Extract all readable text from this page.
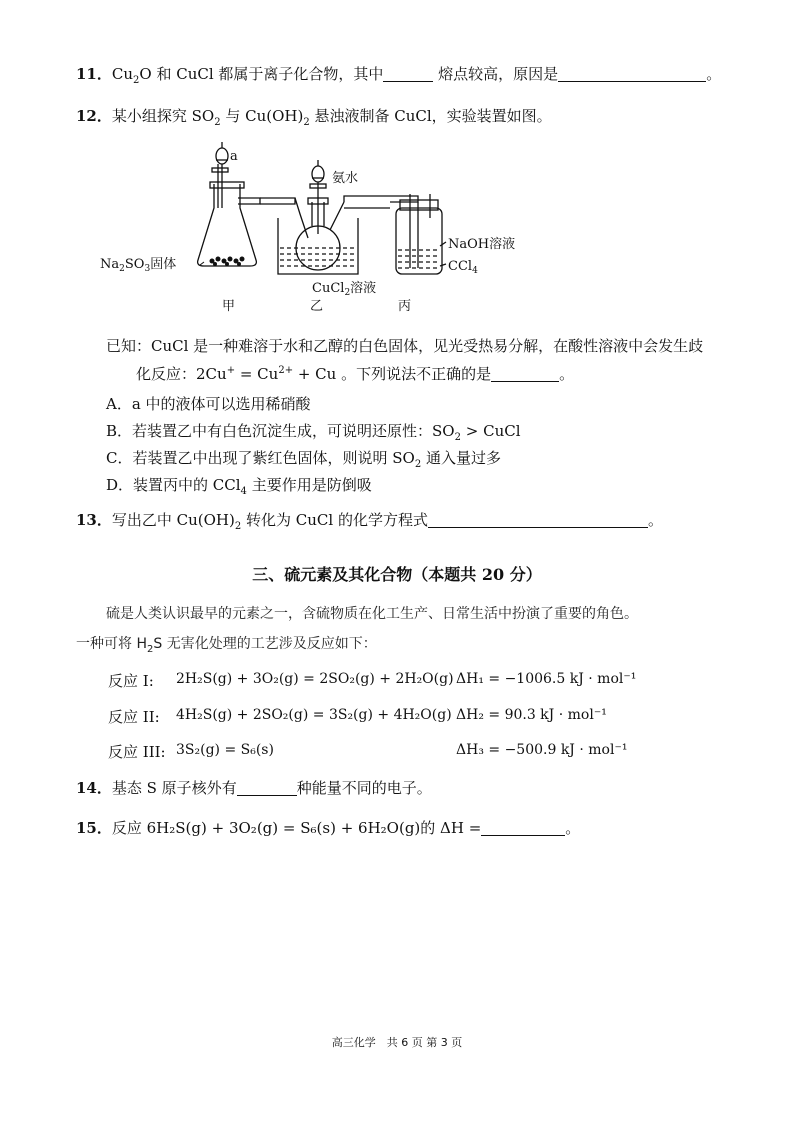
11．$Cu_2O$ 和 CuCl 都属于离子化合物，其中	熔点较高，原因是	。
12．某小组探究 $SO_2$ 与 $Cu(OH)_2$ 悬浊液制备 CuCl，实验装置如图。
a
氨水
NaOH溶液
CCl$_4$
$Na_2SO_3$固体
CuCl$_2$溶液
甲	乙	丙
已知：CuCl 是一种难溶于水和乙醇的白色固体，见光受热易分解，在酸性溶液中会发生歧
化反应：$2Cu^+ = Cu^{2+} + Cu$ 。下列说法不正确的是	。
A．a 中的液体可以选用稀硝酸
B．若装置乙中有白色沉淀生成，可说明还原性：$SO_2$ > CuCl
C．若装置乙中出现了紫红色固体，则说明 $SO_2$ 通入量过多
D．装置丙中的 CCl$_4$ 主要作用是防倒吸
13．写出乙中 $Cu(OH)_2$ 转化为 CuCl 的化学方程式	。
三、硫元素及其化合物（本题共 20 分）
硫是人类认识最早的元素之一，含硫物质在化工生产、日常生活中扮演了重要的角色。
一种可将 $H_2S$ 无害化处理的工艺涉及反应如下：
反应 I: 2H₂S(g) + 3O₂(g) = 2SO₂(g) + 2H₂O(g) ΔH₁ = −1006.5 kJ · mol⁻¹
反应 II: 4H₂S(g) + 2SO₂(g) = 3S₂(g) + 4H₂O(g) ΔH₂ = 90.3 kJ · mol⁻¹
反应 III: 3S₂(g) = S₆(s)	ΔH₃ = −500.9 kJ · mol⁻¹
14．基态 S 原子核外有	种能量不同的电子。
15．反应 6H₂S(g) + 3O₂(g) = S₆(s) + 6H₂O(g)的 ΔH =	。
高三化学　共 6 页 第 3 页
